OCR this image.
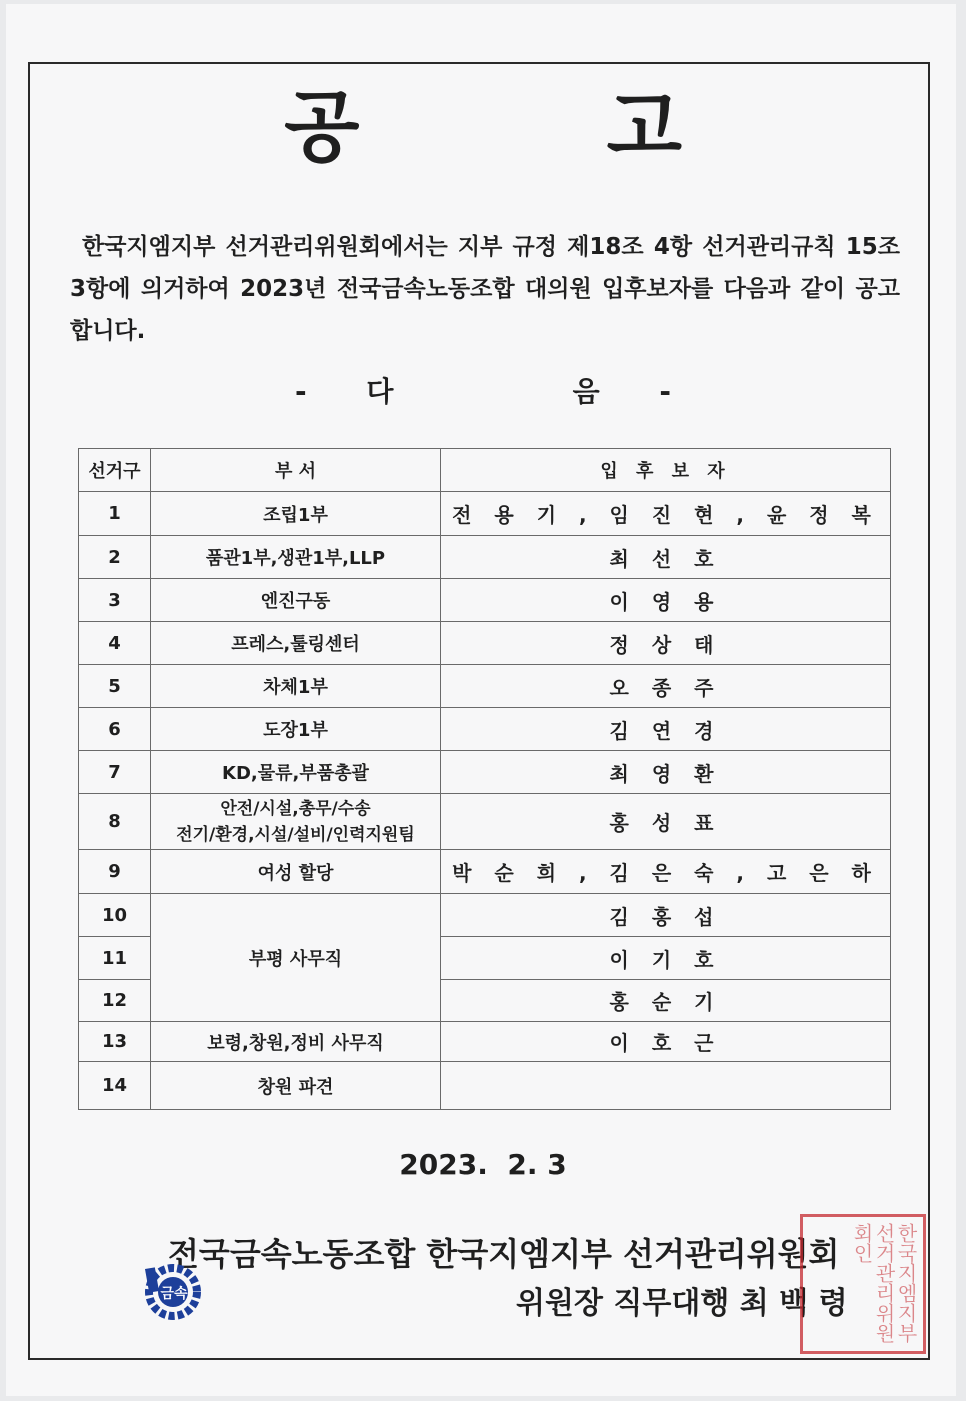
공 고
한국지엠지부 선거관리위원회에서는 지부 규정 제18조 4항 선거관리규칙 15조 3항에 의거하여 2023년 전국금속노동조합 대의원 입후보자를 다음과 같이 공고합니다.
- 다   음 -
선거구	부 서	입 후 보 자
1	조립1부	전 용 기 , 임 진 현 , 윤 정 복
2	품관1부,생관1부,LLP	최 선 호
3	엔진구동	이 영 용
4	프레스,툴링센터	정 상 태
5	차체1부	오 종 주
6	도장1부	김 연 경
7	KD,물류,부품총괄	최 영 환
8	안전/시설,총무/수송
전기/환경,시설/설비/인력지원팀	홍 성 표
9	여성 할당	박 순 희 , 김 은 숙 , 고 은 하
10	부평 사무직	김 홍 섭
11		이 기 호
12		홍 순 기
13	보령,창원,정비 사무직	이 호 근
14	창원 파견	
2023.  2. 3

금속

전국금속노동조합 한국지엠지부 선거관리위원회
위원장 직무대행 최 백 령	한국지엠지부선거관리위원회인
